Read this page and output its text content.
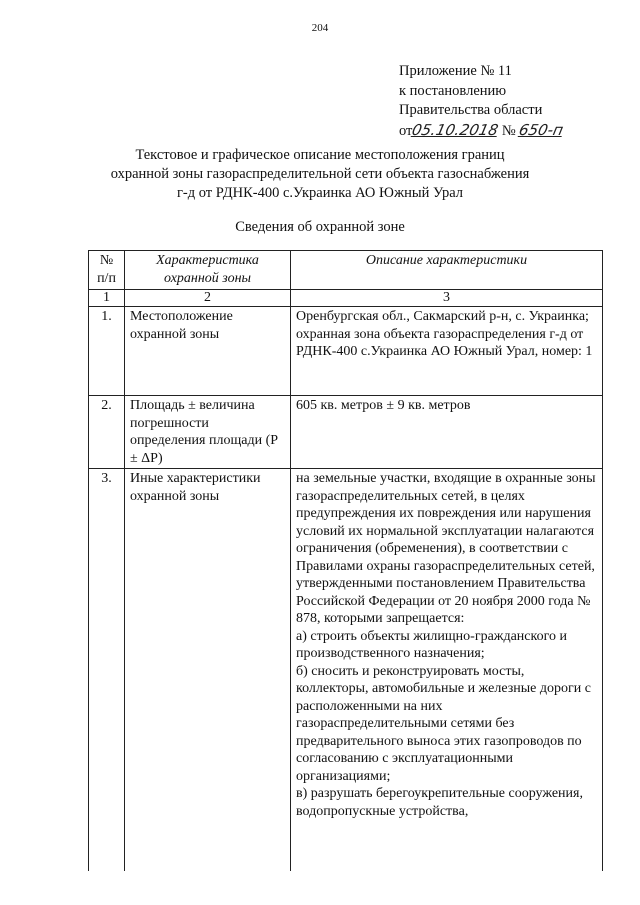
204
Приложение № 11
к постановлению
Правительства области
от05.10.2018 № 650-п
Текстовое и графическое описание местоположения границ
охранной зоны газораспределительной сети объекта газоснабжения
г-д от РДНК-400 с.Украинка АО Южный Урал
Сведения об охранной зоне
№ п/п	Характеристика охранной зоны	Описание характеристики
1	2	3
1.	Местоположение охранной зоны	Оренбургская обл., Сакмарский р-н, с. Украинка; охранная зона объекта газораспределения г-д от РДНК-400 с.Украинка АО Южный Урал, номер: 1
2.	Площадь ± величина погрешности определения площади (P ± ΔP)	605 кв. метров ± 9 кв. метров
3.	Иные характеристики охранной зоны	на земельные участки, входящие в охранные зоны газораспределительных сетей, в целях предупреждения их повреждения или нарушения условий их нормальной эксплуатации налагаются ограничения (обременения), в соответствии с Правилами охраны газораспределительных сетей, утвержденными постановлением Правительства Российской Федерации от 20 ноября 2000 года № 878, которыми запрещается:
а) строить объекты жилищно-гражданского и производственного назначения;
б) сносить и реконструировать мосты, коллекторы, автомобильные и железные дороги с расположенными на них газораспределительными сетями без предварительного выноса этих газопроводов по согласованию с эксплуатационными организациями;
в) разрушать берегоукрепительные сооружения, водопропускные устройства,
